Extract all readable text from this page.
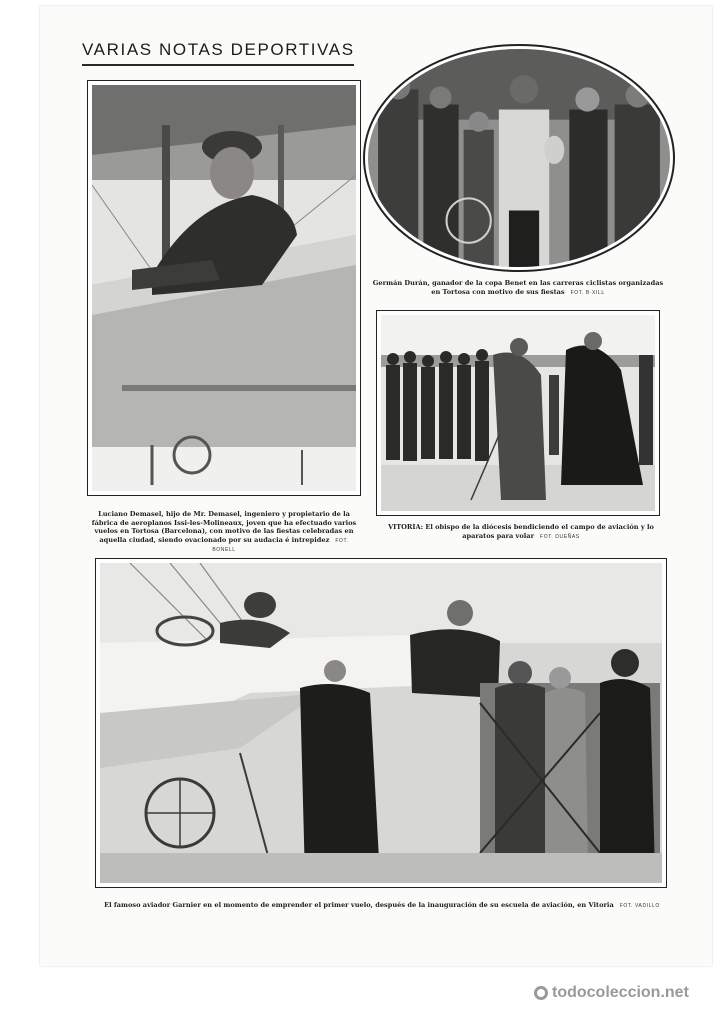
VARIAS NOTAS DEPORTIVAS
Luciano Demasel, hijo de Mr. Demasel, ingeniero y propietario de la fábrica de aeroplanos Issi-les-Molineaux, joven que ha efectuado varios vuelos en Tortosa (Barcelona), con motivo de las fiestas celebradas en aquella ciudad, siendo ovacionado por su audacia é intrepidez FOT. BONELL
Germán Durán, ganador de la copa Benet en las carreras ciclistas organizadas en Tortosa con motivo de sus fiestas FOT. B·XILL
VITORIA: El obispo de la diócesis bendiciendo el campo de aviación y lo aparatos para volar FOT. DUEÑAS
El famoso aviador Garnier en el momento de emprender el primer vuelo, después de la inauguración de su escuela de aviación, en Vitoria FOT. VADILLO
todocoleccion.net
